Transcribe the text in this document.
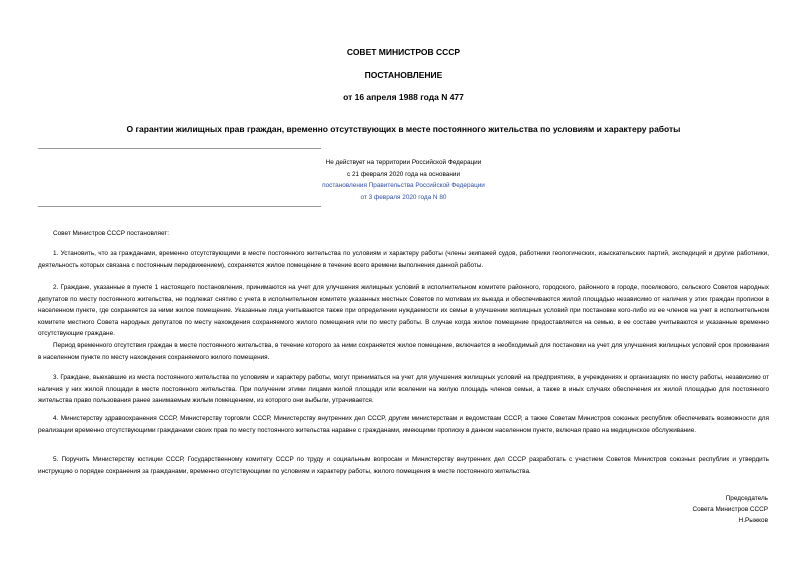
СОВЕТ МИНИСТРОВ СССР
ПОСТАНОВЛЕНИЕ
от 16 апреля 1988 года N 477
О гарантии жилищных прав граждан, временно отсутствующих в месте постоянного жительства по условиям и характеру работы
Не действует на территории Российской Федерации
с 21 февраля 2020 года на основании
постановления Правительства Российской Федерации
от 3 февраля 2020 года N 80

Совет Министров СССР постановляет:

1. Установить, что за гражданами, временно отсутствующими в месте постоянного жительства по условиям и характеру работы (члены экипажей судов, работники геологических, изыскательских партий, экспедиций и другие работники, деятельность которых связана с постоянным передвижением), сохраняется жилое помещение в течение всего времени выполнения данной работы.

2. Граждане, указанные в пункте 1 настоящего постановления, принимаются на учет для улучшения жилищных условий в исполнительном комитете районного, городского, районного в городе, поселкового, сельского Советов народных депутатов по месту постоянного жительства, не подлежат снятию с учета в исполнительном комитете указанных местных Советов по мотивам их выезда и обеспечиваются жилой площадью независимо от наличия у этих граждан прописки в населенном пункте, где сохраняется за ними жилое помещение. Указанные лица учитываются также при определении нуждаемости их семьи в улучшении жилищных условий при постановке кого-либо из ее членов на учет в исполнительном комитете местного Совета народных депутатов по месту нахождения сохраняемого жилого помещения или по месту работы. В случае когда жилое помещение предоставляется на семью, в ее составе учитываются и указанные временно отсутствующие граждане.

Период временного отсутствия граждан в месте постоянного жительства, в течение которого за ними сохраняется жилое помещение, включается в необходимый для постановки на учет для улучшения жилищных условий срок проживания в населенном пункте по месту нахождения сохраняемого жилого помещения.

3. Граждане, выехавшие из места постоянного жительства по условиям и характеру работы, могут приниматься на учет для улучшения жилищных условий на предприятиях, в учреждениях и организациях по месту работы, независимо от наличия у них жилой площади в месте постоянного жительства. При получении этими лицами жилой площади или вселении на жилую площадь членов семьи, а также в иных случаях обеспечения их жилой площадью для постоянного жительства право пользования ранее занимаемым жилым помещением, из которого они выбыли, утрачивается.

4. Министерству здравоохранения СССР, Министерству торговли СССР, Министерству внутренних дел СССР, другим министерствам и ведомствам СССР, а также Советам Министров союзных республик обеспечивать возможности для реализации временно отсутствующими гражданами своих прав по месту постоянного жительства наравне с гражданами, имеющими прописку в данном населенном пункте, включая право на медицинское обслуживание.

5. Поручить Министерству юстиции СССР, Государственному комитету СССР по труду и социальным вопросам и Министерству внутренних дел СССР разработать с участием Советов Министров союзных республик и утвердить инструкцию о порядке сохранения за гражданами, временно отсутствующими по условиям и характеру работы, жилого помещения в месте постоянного жительства.

Председатель
Совета Министров СССР
Н.Рыжков
